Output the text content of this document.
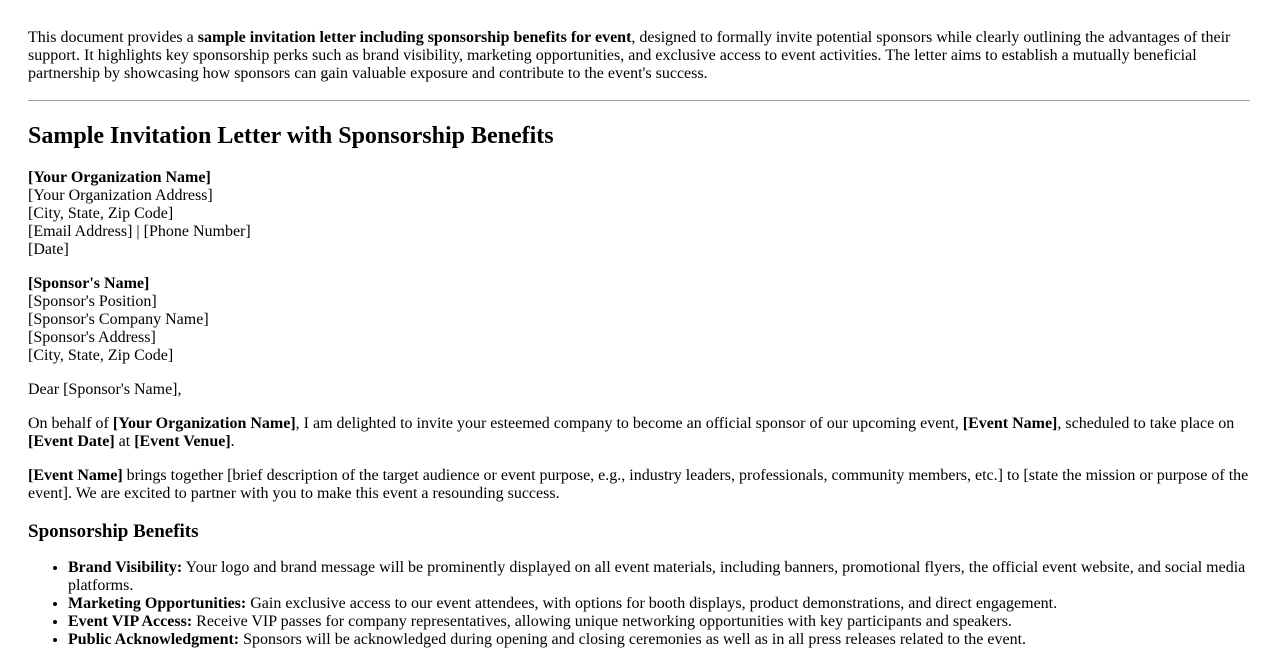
This document provides a sample invitation letter including sponsorship benefits for event, designed to formally invite potential sponsors while clearly outlining the advantages of their support. It highlights key sponsorship perks such as brand visibility, marketing opportunities, and exclusive access to event activities. The letter aims to establish a mutually beneficial partnership by showcasing how sponsors can gain valuable exposure and contribute to the event's success.

Sample Invitation Letter with Sponsorship Benefits
[Your Organization Name]
[Your Organization Address]
[City, State, Zip Code]
[Email Address] | [Phone Number]
[Date]
[Sponsor's Name]
[Sponsor's Position]
[Sponsor's Company Name]
[Sponsor's Address]
[City, State, Zip Code]

Dear [Sponsor's Name],

On behalf of [Your Organization Name], I am delighted to invite your esteemed company to become an official sponsor of our upcoming event, [Event Name], scheduled to take place on [Event Date] at [Event Venue].

[Event Name] brings together [brief description of the target audience or event purpose, e.g., industry leaders, professionals, community members, etc.] to [state the mission or purpose of the event]. We are excited to partner with you to make this event a resounding success.

Sponsorship Benefits
• Brand Visibility: Your logo and brand message will be prominently displayed on all event materials, including banners, promotional flyers, the official event website, and social media platforms.
• Marketing Opportunities: Gain exclusive access to our event attendees, with options for booth displays, product demonstrations, and direct engagement.
• Event VIP Access: Receive VIP passes for company representatives, allowing unique networking opportunities with key participants and speakers.
• Public Acknowledgment: Sponsors will be acknowledged during opening and closing ceremonies as well as in all press releases related to the event.
